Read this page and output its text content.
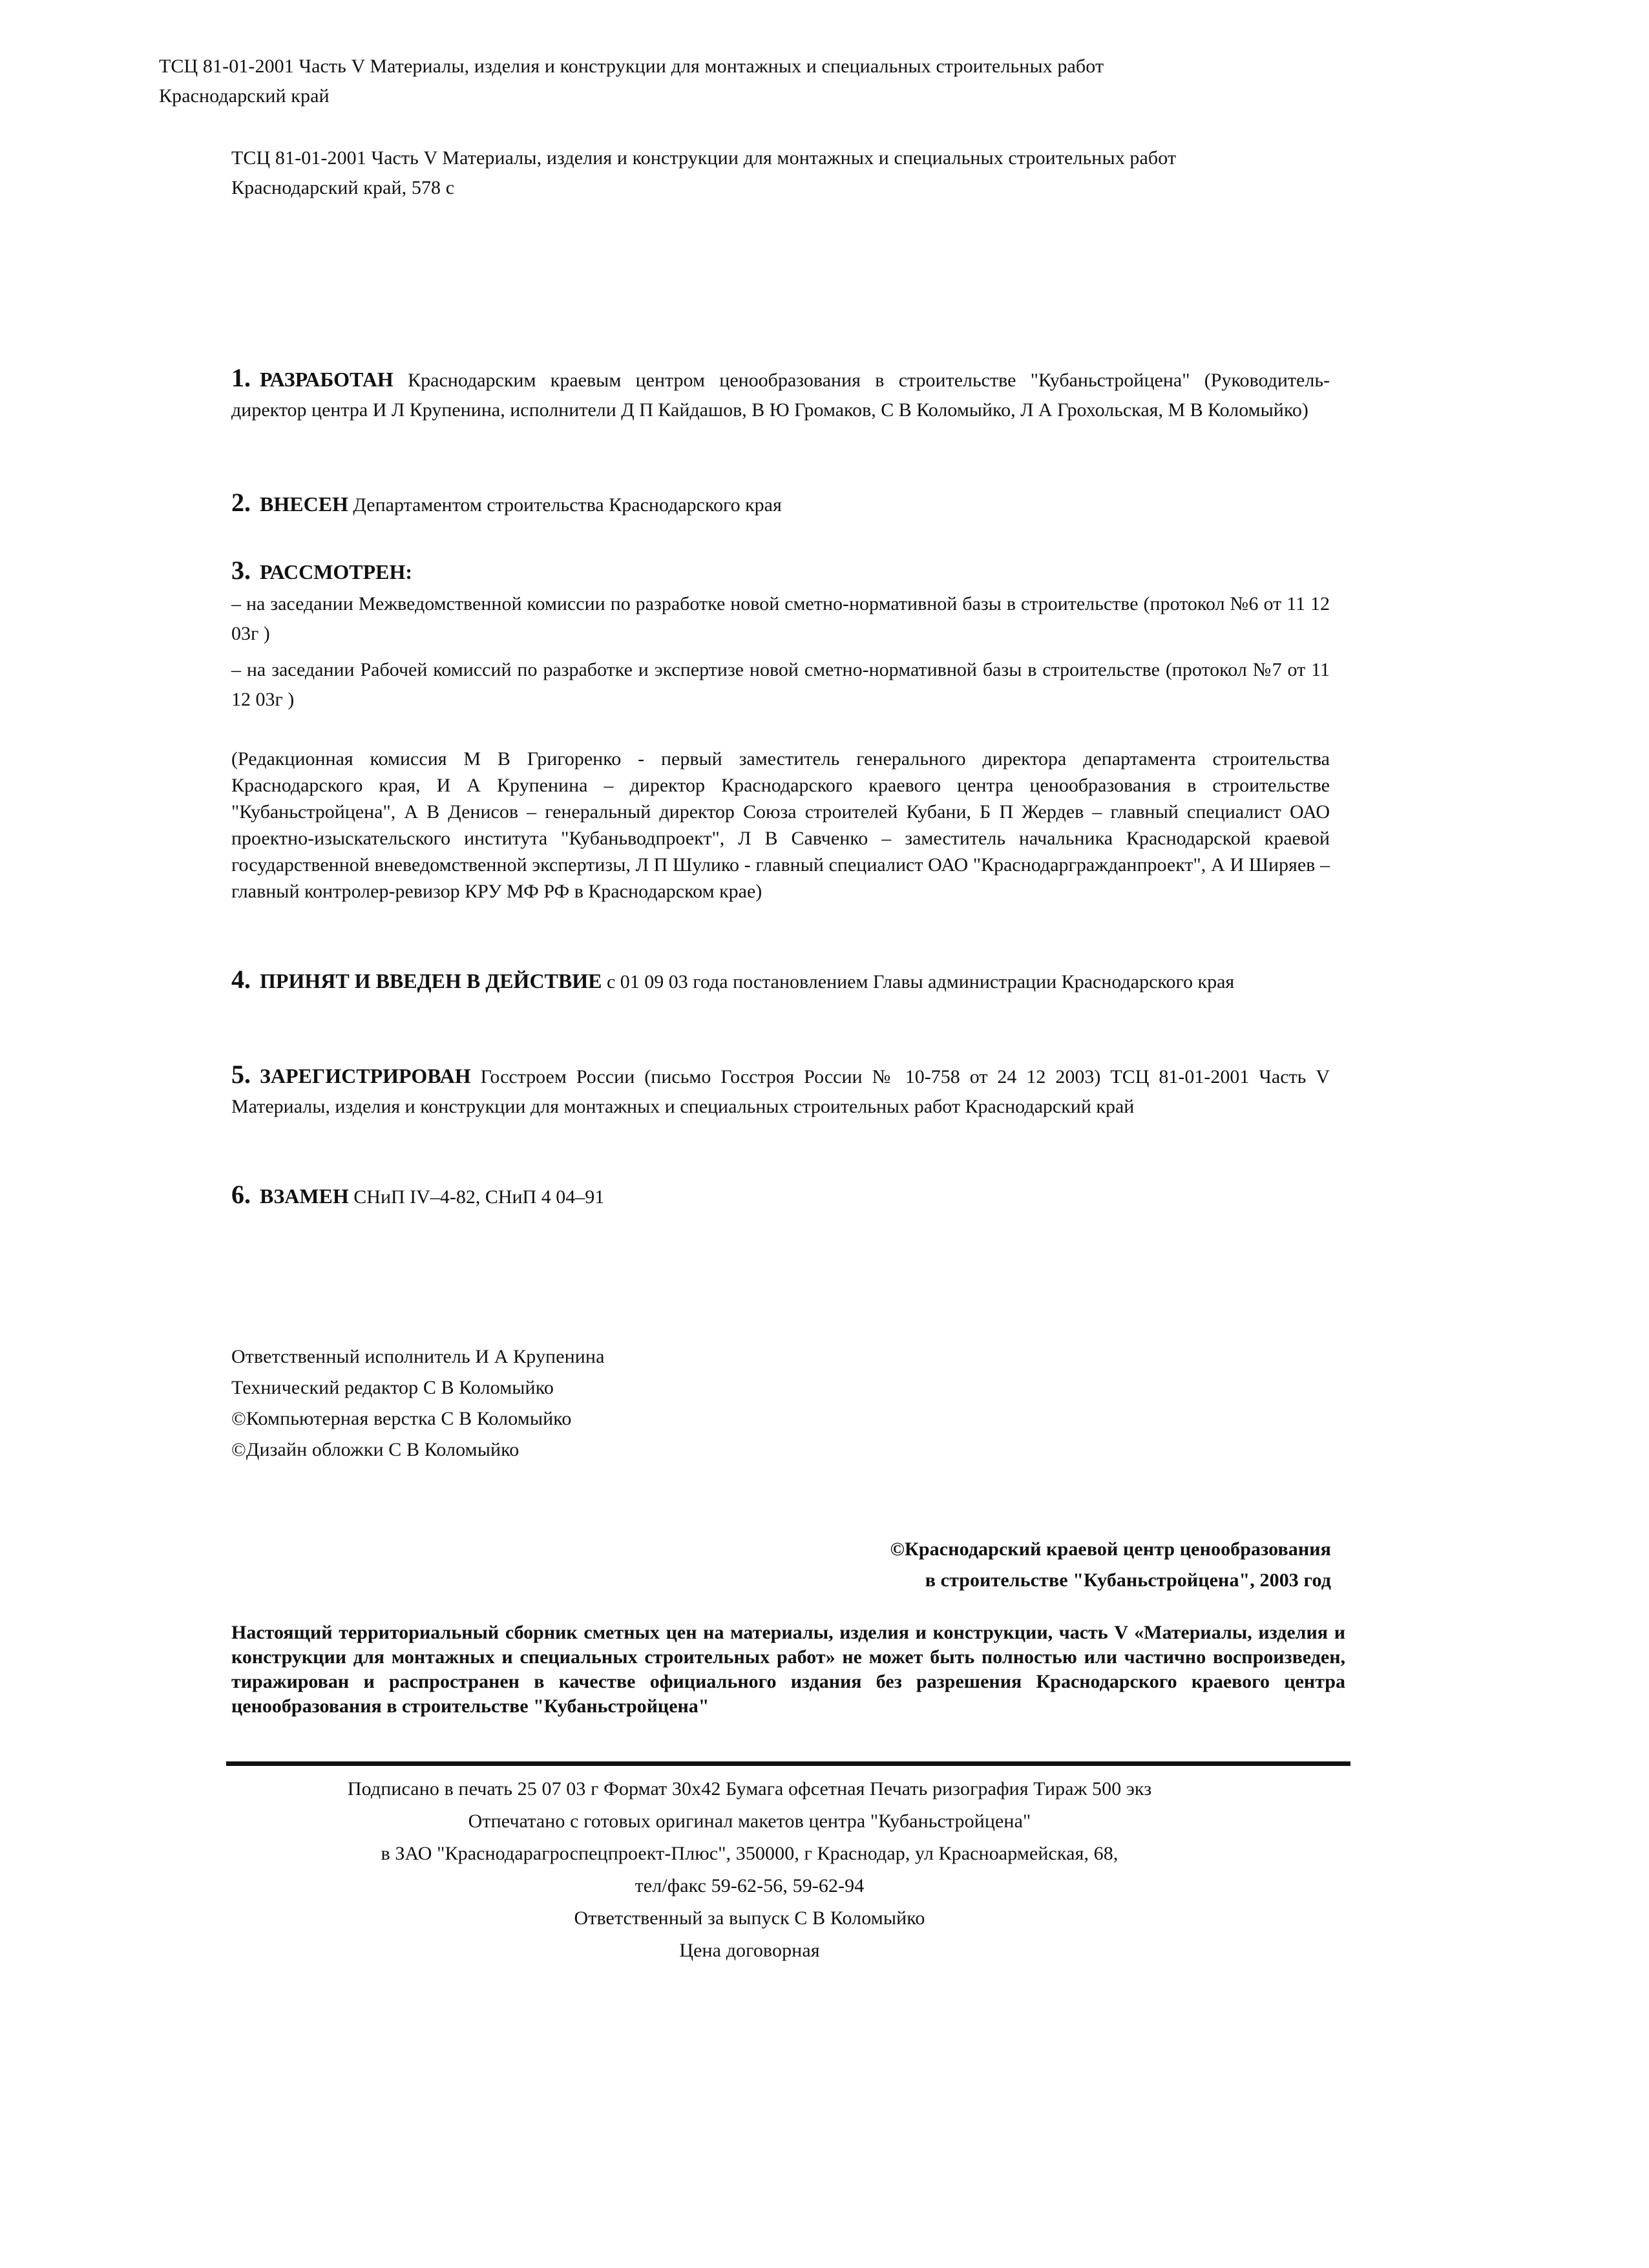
ТСЦ 81-01-2001 Часть V Материалы, изделия и конструкции для монтажных и специальных строительных работ
Краснодарский край
ТСЦ 81-01-2001 Часть V Материалы, изделия и конструкции для монтажных и специальных строительных работ
Краснодарский край, 578 с
1. РАЗРАБОТАН Краснодарским краевым центром ценообразования в строительстве "Кубаньстройцена" (Руководитель- директор центра И Л Крупенина, исполнители Д П Кайдашов, В Ю Громаков, С В Коломыйко, Л А Грохольская, М В Коломыйко)
2. ВНЕСЕН Департаментом строительства Краснодарского края
3. РАССМОТРЕН:
– на заседании Межведомственной комиссии по разработке новой сметно-нормативной базы в строительстве (протокол №6 от 11 12 03г )
– на заседании Рабочей комиссий по разработке и экспертизе новой сметно-нормативной базы в строительстве (протокол №7 от 11 12 03г )
(Редакционная комиссия М В Григоренко - первый заместитель генерального директора департамента строительства Краснодарского края, И А Крупенина – директор Краснодарского краевого центра ценообразования в строительстве "Кубаньстройцена", А В Денисов – генеральный директор Союза строителей Кубани, Б П Жердев – главный специалист ОАО проектно-изыскательского института "Кубаньводпроект", Л В Савченко – заместитель начальника Краснодарской краевой государственной вневедомственной экспертизы, Л П Шулико - главный специалист ОАО "Краснодаргражданпроект", А И Ширяев – главный контролер-ревизор КРУ МФ РФ в Краснодарском крае)
4. ПРИНЯТ И ВВЕДЕН В ДЕЙСТВИЕ с 01 09 03 года постановлением Главы администрации Краснодарского края
5. ЗАРЕГИСТРИРОВАН Госстроем России (письмо Госстроя России № 10-758 от 24 12 2003) ТСЦ 81-01-2001 Часть V Материалы, изделия и конструкции для монтажных и специальных строительных работ Краснодарский край
6. ВЗАМЕН СНиП IV–4-82, СНиП 4 04–91
Ответственный исполнитель И А Крупенина
Технический редактор С В Коломыйко
©Компьютерная верстка С В Коломыйко
©Дизайн обложки С В Коломыйко
©Краснодарский краевой центр ценообразования
в строительстве "Кубаньстройцена", 2003 год
Настоящий территориальный сборник сметных цен на материалы, изделия и конструкции, часть V «Материалы, изделия и конструкции для монтажных и специальных строительных работ» не может быть полностью или частично воспроизведен, тиражирован и распространен в качестве официального издания без разрешения Краснодарского краевого центра ценообразования в строительстве "Кубаньстройцена"
Подписано в печать 25 07 03 г Формат 30х42 Бумага офсетная Печать ризография Тираж 500 экз
Отпечатано с готовых оригинал макетов центра "Кубаньстройцена"
в ЗАО "Краснодарагроспецпроект-Плюс", 350000, г Краснодар, ул Красноармейская, 68,
тел/факс 59-62-56, 59-62-94
Ответственный за выпуск С В Коломыйко
Цена договорная
